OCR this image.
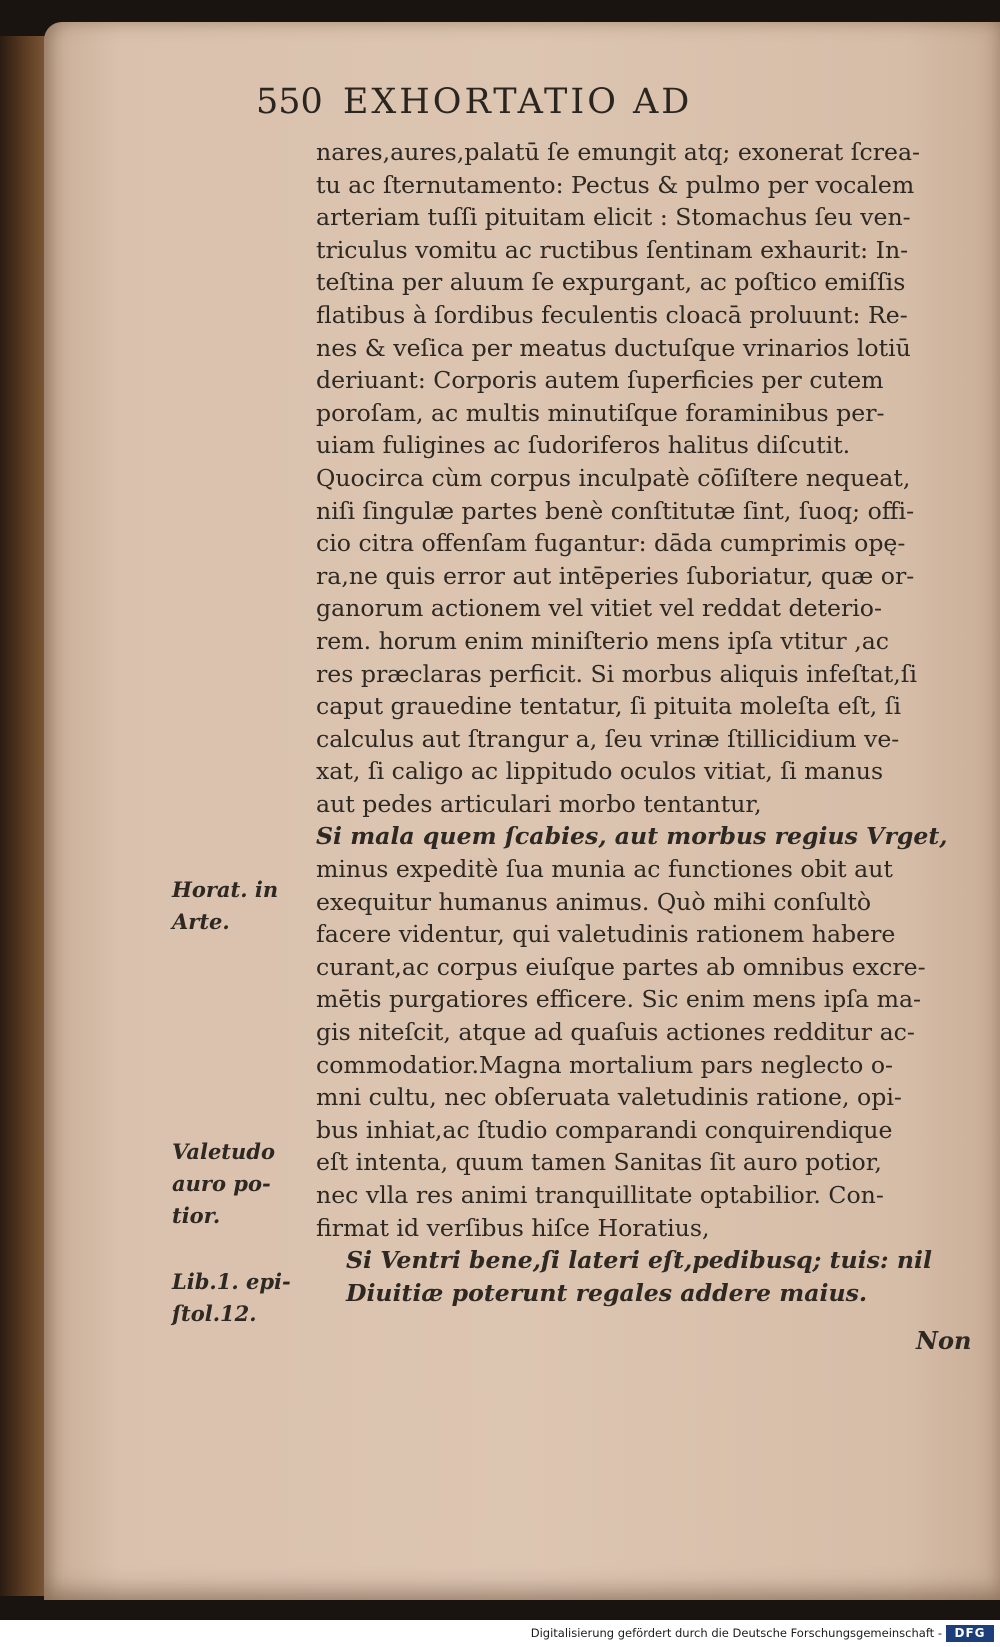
550 EXHORTATIO AD
nares,aures,palatū ſe emungit atq; exonerat ſcrea-
tu ac ſternutamento: Pectus & pulmo per vocalem
arteriam tuſſi pituitam elicit : Stomachus ſeu ven-
triculus vomitu ac ructibus ſentinam exhaurit: In-
teſtina per aluum ſe expurgant, ac poſtico emiſſis
flatibus à ſordibus feculentis cloacā proluunt: Re-
nes & veſica per meatus ductuſque vrinarios lotiū
deriuant: Corporis autem ſuperficies per cutem
poroſam, ac multis minutiſque foraminibus per-
uiam fuligines ac ſudoriferos halitus diſcutit.
Quocirca cùm corpus inculpatè cōſiſtere nequeat,
niſi ſingulæ partes benè conſtitutæ ſint, ſuoq; offi-
cio citra offenſam fugantur: dāda cumprimis opę-
ra,ne quis error aut intēperies ſuboriatur, quæ or-
ganorum actionem vel vitiet vel reddat deterio-
rem. horum enim miniſterio mens ipſa vtitur ,ac
res præclaras perficit. Si morbus aliquis infeſtat,ſi
caput grauedine tentatur, ſi pituita moleſta eſt, ſi
calculus aut ſtrangur a, ſeu vrinæ ſtillicidium ve-
xat, ſi caligo ac lippitudo oculos vitiat, ſi manus
aut pedes articulari morbo tentantur,
Si mala quem ſcabies, aut morbus regius Vrget,
minus expeditè ſua munia ac functiones obit aut
exequitur humanus animus. Quò mihi conſultò
facere videntur, qui valetudinis rationem habere
curant,ac corpus eiuſque partes ab omnibus excre-
mētis purgatiores efficere. Sic enim mens ipſa ma-
gis niteſcit, atque ad quaſuis actiones redditur ac-
commodatior.Magna mortalium pars neglecto o-
mni cultu, nec obſeruata valetudinis ratione, opi-
bus inhiat,ac ſtudio comparandi conquirendique
eſt intenta, quum tamen Sanitas ſit auro potior,
nec vlla res animi tranquillitate optabilior. Con-
firmat id verſibus hiſce Horatius,
Si Ventri bene,ſi lateri eſt,pedibusq; tuis: nil
Diuitiæ poterunt regales addere maius.
Horat. in
Arte.
Valetudo
auro po-
tior.
Lib.1. epi-
ſtol.12.
Non
Digitalisierung gefördert durch die Deutsche Forschungsgemeinschaft -	DFG
